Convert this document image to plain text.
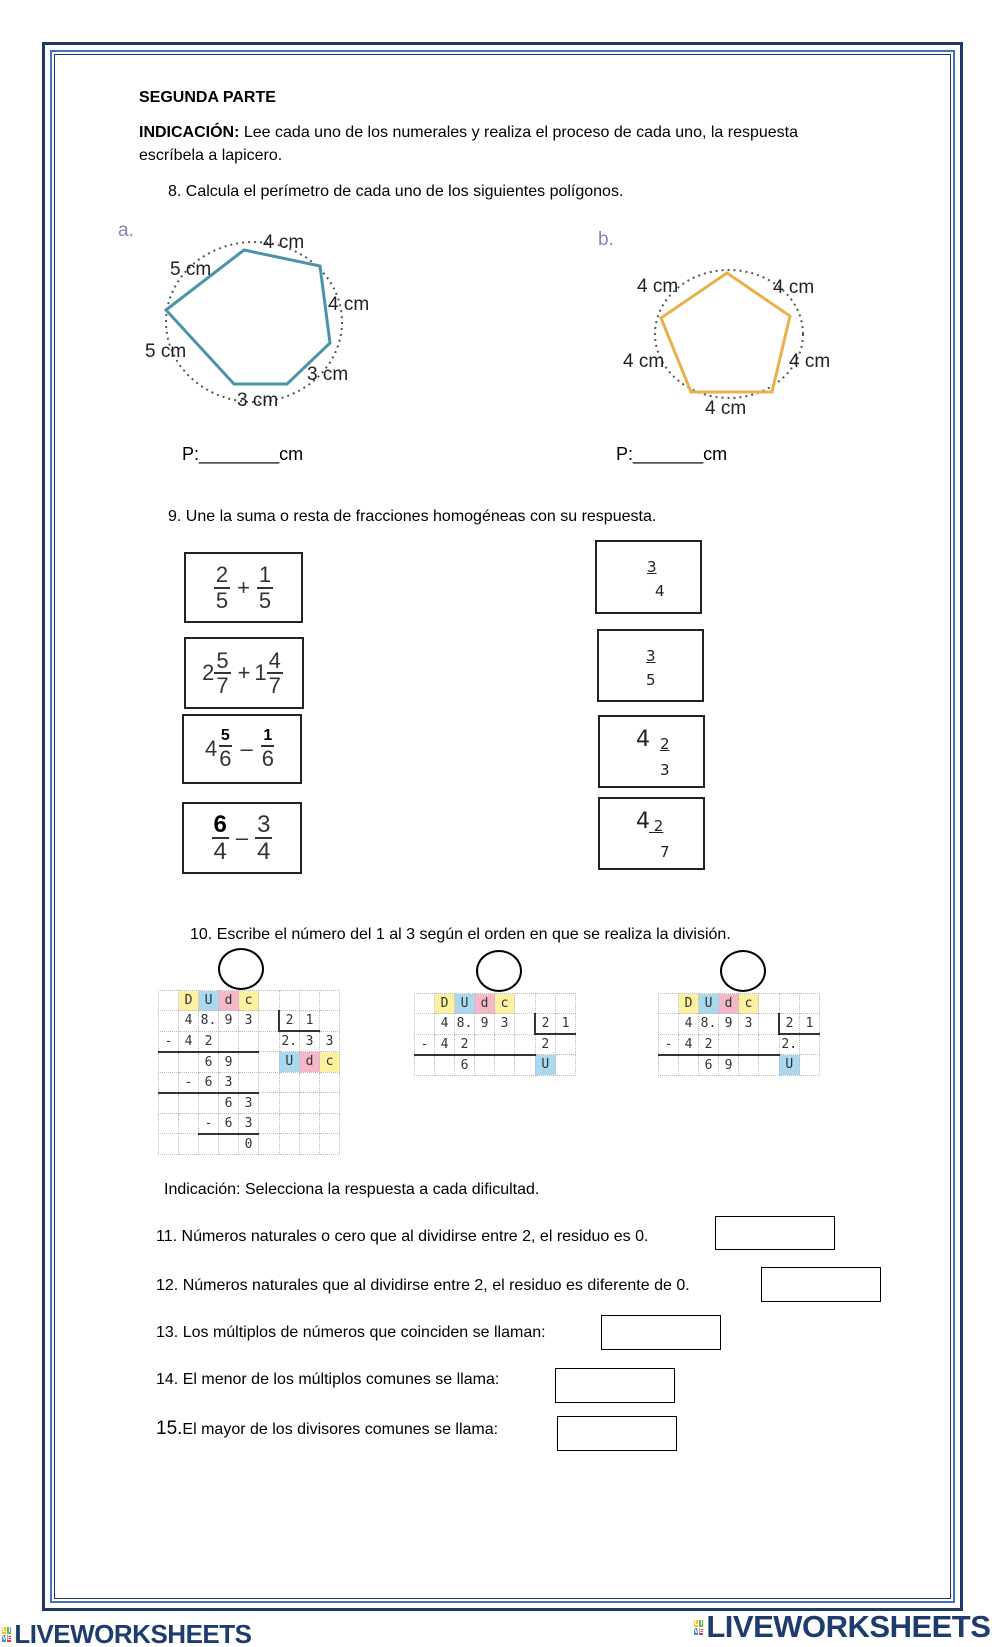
SEGUNDA PARTE
INDICACIÓN: Lee cada uno de los numerales y realiza el proceso de cada uno, la respuesta
escríbela a lapicero.
8. Calcula el perímetro de cada uno de los siguientes polígonos.
a.
4 cm
5 cm
4 cm
5 cm
3 cm
3 cm
b.
4 cm	4 cm
4 cm	4 cm
4 cm
P:________cm	P:_______cm
9. Une la suma o resta de fracciones homogéneas con su respuesta.
$\frac{2}{5} + \frac{1}{5}$
$2 \frac{5}{7} + 1 \frac{4}{7}$
$4 \frac{5}{6} - \frac{1}{6}$
$\frac{6}{4} - \frac{3}{4}$
3
4
$\frac{3}{5}$
4 2
3
4 2
7
10. Escribe el número del 1 al 3 según el orden en que se realiza la división.
	D	U	d	c				
	4	8.	9	3		2	1	
-	4	2				2.	3	3
		6	9			U	d	c
	-	6	3					
			6	3				
		-	6	3				
				0				
	D	U	d	c			
	4	8.	9	3		2	1
-	4	2				2	
		6				U	
	D	U	d	c			
	4	8.	9	3		2	1
-	4	2				2.	
		6	9			U	
Indicación: Selecciona la respuesta a cada dificultad.
11. Números naturales o cero que al dividirse entre 2, el residuo es 0.
12. Números naturales que al dividirse entre 2, el residuo es diferente de 0.
13. Los múltiplos de números que coinciden se llaman:
14. El menor de los múltiplos comunes se llama:
15.El mayor de los divisores comunes se llama:
L I
V E LIVEWORKSHEETS	L I
V E LIVEWORKSHEETS
